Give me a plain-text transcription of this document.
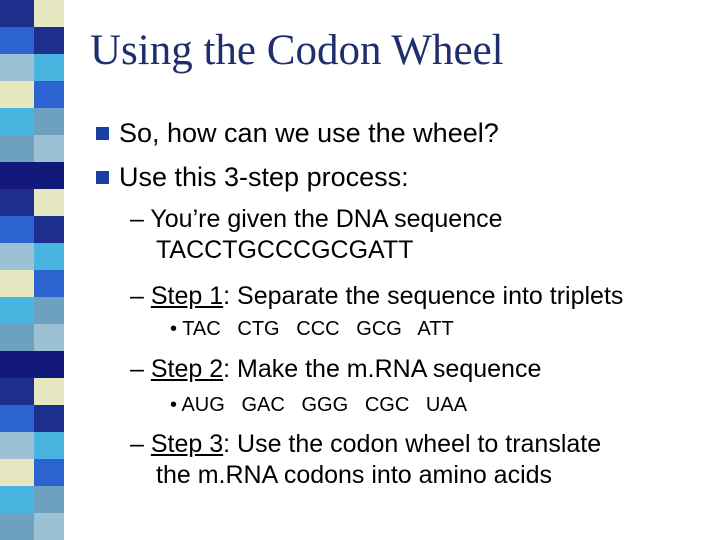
Using the Codon Wheel
So, how can we use the wheel?
Use this 3-step process:
– You’re given the DNA sequence
TACCTGCCCGCGATT
– Step 1: Separate the sequence into triplets
• TAC   CTG   CCC   GCG   ATT
– Step 2: Make the m.RNA sequence
• AUG   GAC   GGG   CGC   UAA
– Step 3: Use the codon wheel to translate
the m.RNA codons into amino acids
